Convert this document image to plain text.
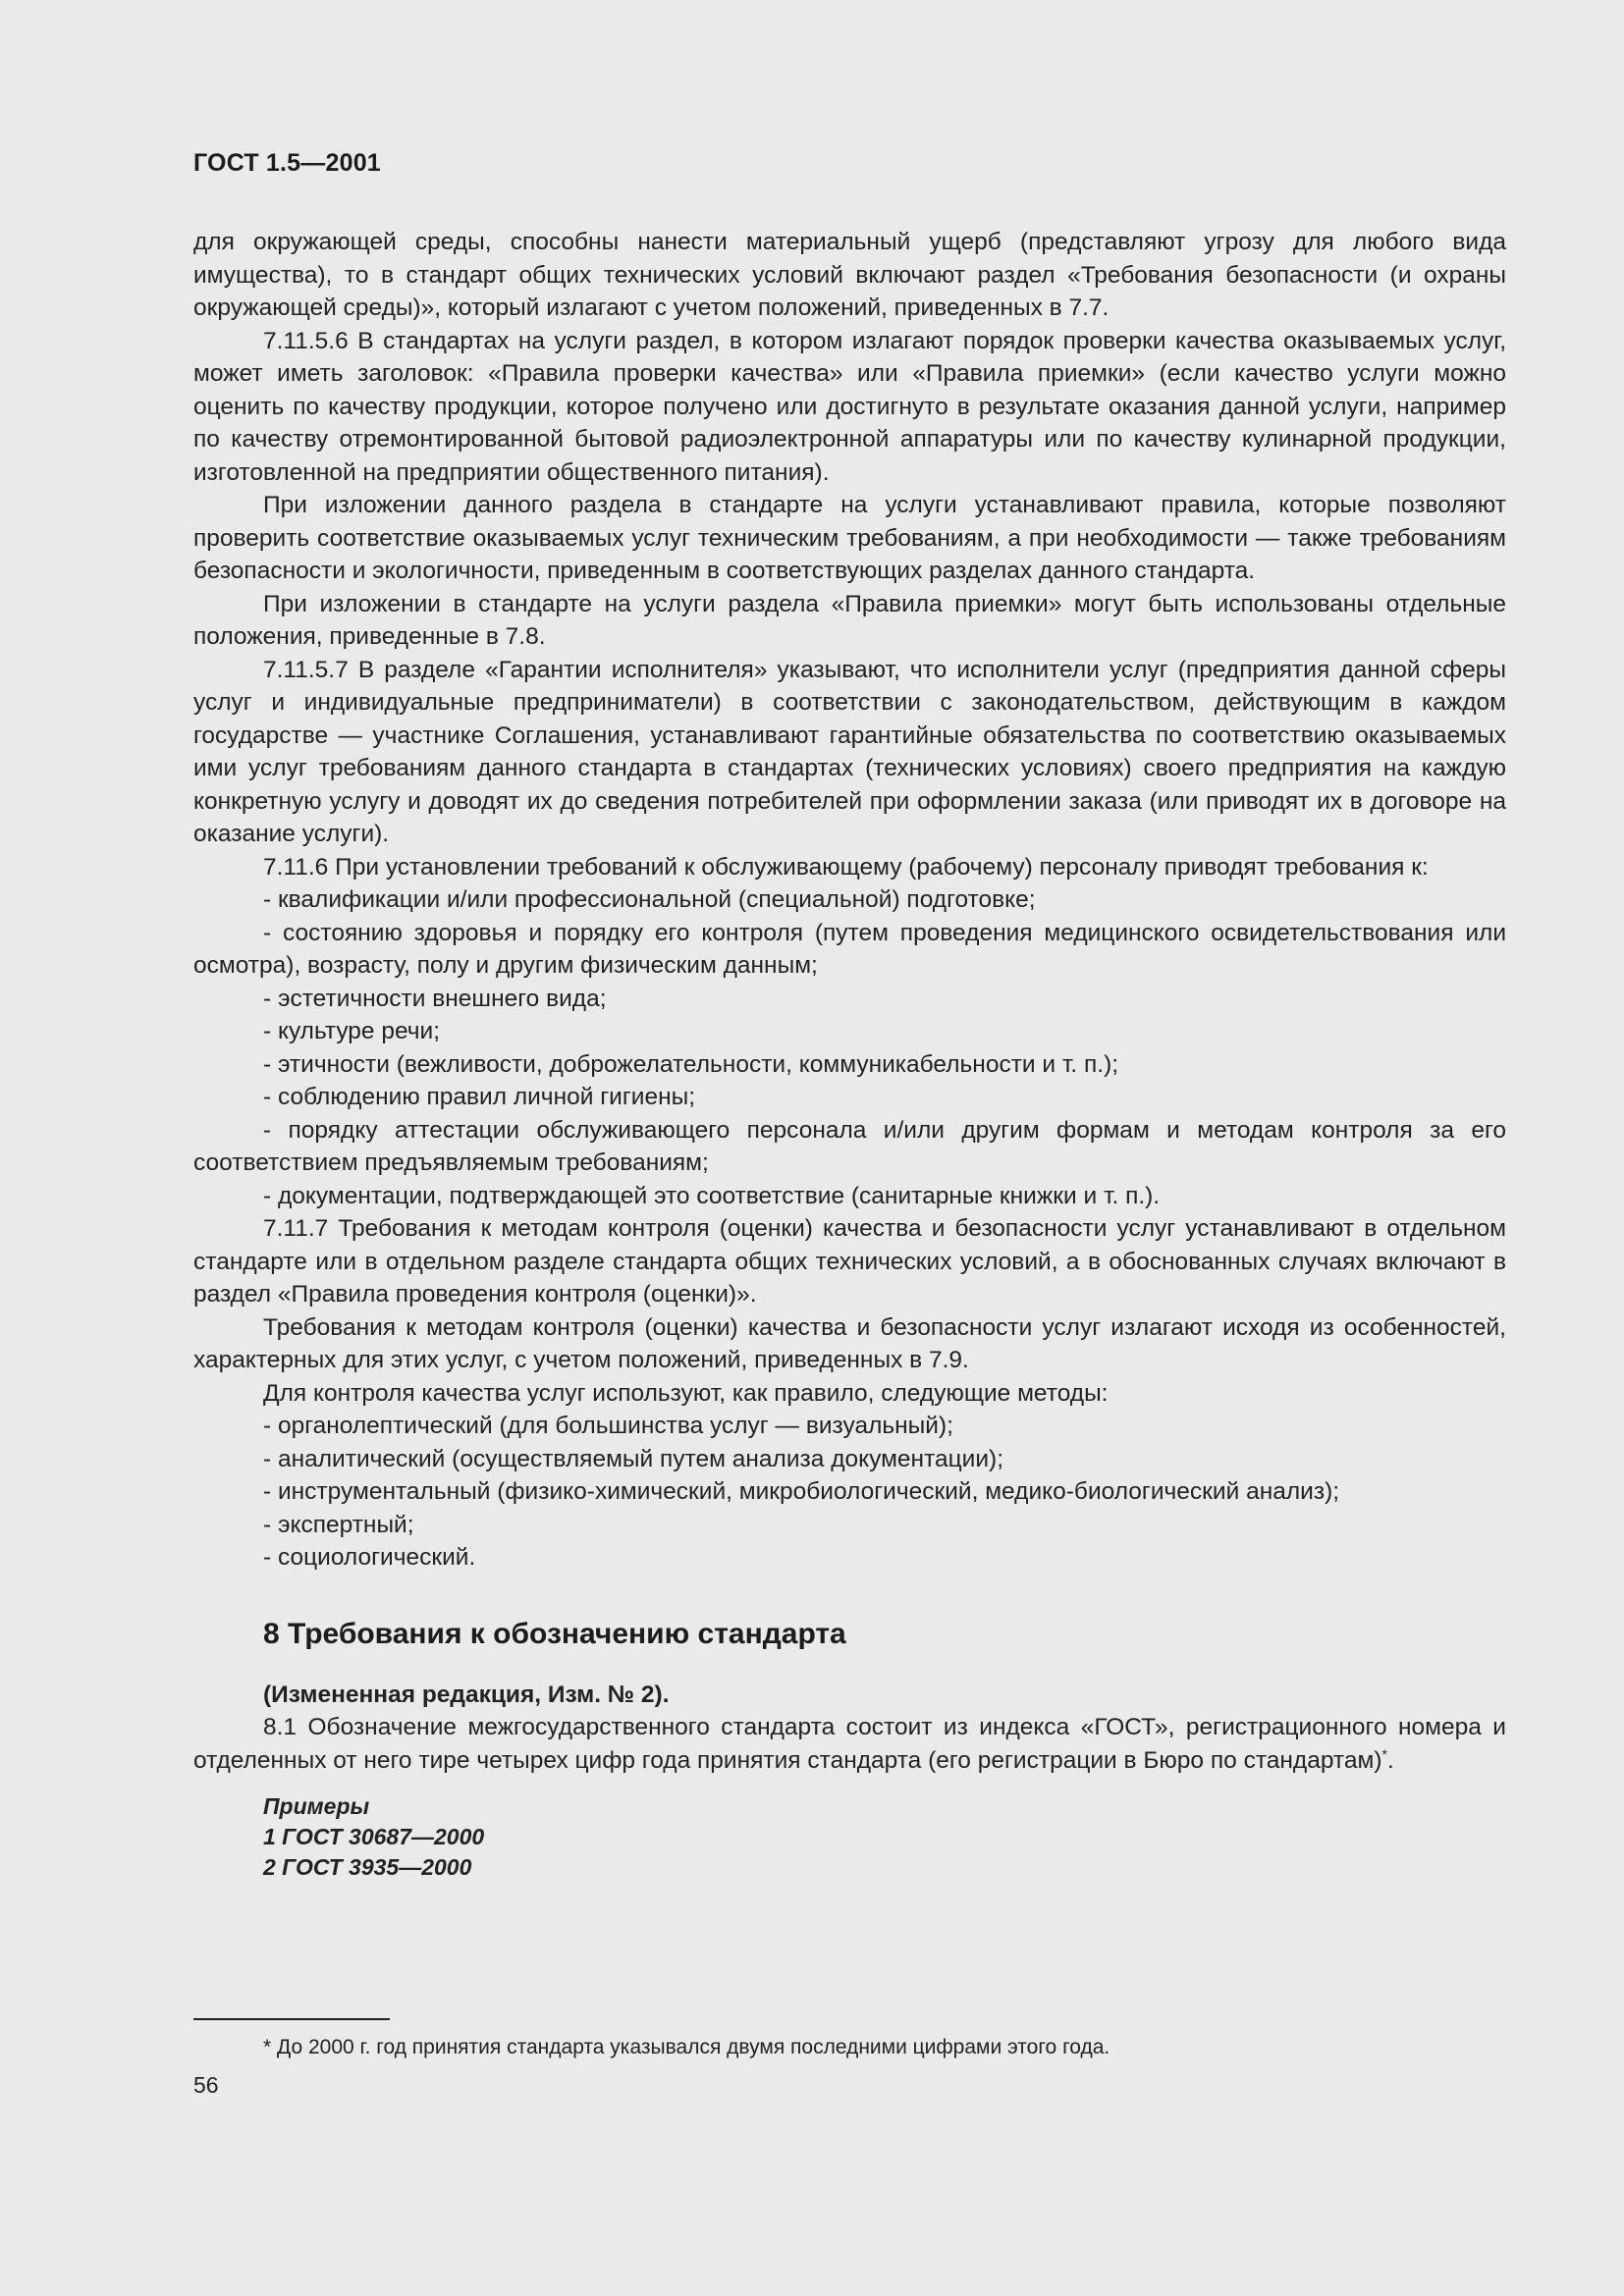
ГОСТ 1.5—2001

для окружающей среды, способны нанести материальный ущерб (представляют угрозу для любого вида имущества), то в стандарт общих технических условий включают раздел «Требования безопасности (и охраны окружающей среды)», который излагают с учетом положений, приведенных в 7.7.

7.11.5.6 В стандартах на услуги раздел, в котором излагают порядок проверки качества оказываемых услуг, может иметь заголовок: «Правила проверки качества» или «Правила приемки» (если качество услуги можно оценить по качеству продукции, которое получено или достигнуто в результате оказания данной услуги, например по качеству отремонтированной бытовой радиоэлектронной аппаратуры или по качеству кулинарной продукции, изготовленной на предприятии общественного питания).

При изложении данного раздела в стандарте на услуги устанавливают правила, которые позволяют проверить соответствие оказываемых услуг техническим требованиям, а при необходимости — также требованиям безопасности и экологичности, приведенным в соответствующих разделах данного стандарта.

При изложении в стандарте на услуги раздела «Правила приемки» могут быть использованы отдельные положения, приведенные в 7.8.

7.11.5.7 В разделе «Гарантии исполнителя» указывают, что исполнители услуг (предприятия данной сферы услуг и индивидуальные предприниматели) в соответствии с законодательством, действующим в каждом государстве — участнике Соглашения, устанавливают гарантийные обязательства по соответствию оказываемых ими услуг требованиям данного стандарта в стандартах (технических условиях) своего предприятия на каждую конкретную услугу и доводят их до сведения потребителей при оформлении заказа (или приводят их в договоре на оказание услуги).

7.11.6 При установлении требований к обслуживающему (рабочему) персоналу приводят требования к:

- квалификации и/или профессиональной (специальной) подготовке;

- состоянию здоровья и порядку его контроля (путем проведения медицинского освидетельствования или осмотра), возрасту, полу и другим физическим данным;

- эстетичности внешнего вида;

- культуре речи;

- этичности (вежливости, доброжелательности, коммуникабельности и т. п.);

- соблюдению правил личной гигиены;

- порядку аттестации обслуживающего персонала и/или другим формам и методам контроля за его соответствием предъявляемым требованиям;

- документации, подтверждающей это соответствие (санитарные книжки и т. п.).

7.11.7 Требования к методам контроля (оценки) качества и безопасности услуг устанавливают в отдельном стандарте или в отдельном разделе стандарта общих технических условий, а в обоснованных случаях включают в раздел «Правила проведения контроля (оценки)».

Требования к методам контроля (оценки) качества и безопасности услуг излагают исходя из особенностей, характерных для этих услуг, с учетом положений, приведенных в 7.9.

Для контроля качества услуг используют, как правило, следующие методы:

- органолептический (для большинства услуг — визуальный);

- аналитический (осуществляемый путем анализа документации);

- инструментальный (физико-химический, микробиологический, медико-биологический анализ);

- экспертный;

- социологический.

8 Требования к обозначению стандарта

(Измененная редакция, Изм. № 2).

8.1 Обозначение межгосударственного стандарта состоит из индекса «ГОСТ», регистрационного номера и отделенных от него тире четырех цифр года принятия стандарта (его регистрации в Бюро по стандартам)*.

Примеры

1 ГОСТ 30687—2000

2 ГОСТ 3935—2000

* До 2000 г. год принятия стандарта указывался двумя последними цифрами этого года.
56
